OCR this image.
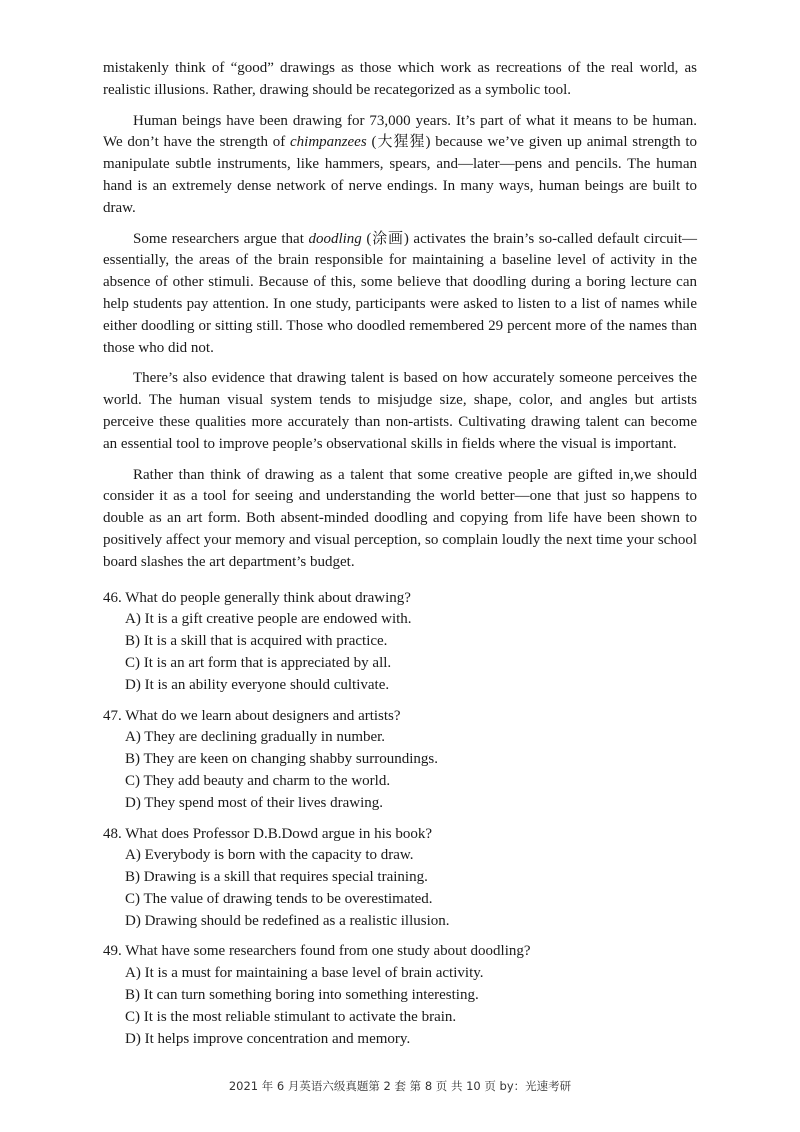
mistakenly think of “good” drawings as those which work as recreations of the real world, as realistic illusions. Rather, drawing should be recategorized as a symbolic tool.

Human beings have been drawing for 73,000 years. It’s part of what it means to be human. We don’t have the strength of chimpanzees (大猩猩) because we’ve given up animal strength to manipulate subtle instruments, like hammers, spears, and—later—pens and pencils. The human hand is an extremely dense network of nerve endings. In many ways, human beings are built to draw.

Some researchers argue that doodling (涂画) activates the brain’s so-called default circuit—essentially, the areas of the brain responsible for maintaining a baseline level of activity in the absence of other stimuli. Because of this, some believe that doodling during a boring lecture can help students pay attention. In one study, participants were asked to listen to a list of names while either doodling or sitting still. Those who doodled remembered 29 percent more of the names than those who did not.

There’s also evidence that drawing talent is based on how accurately someone perceives the world. The human visual system tends to misjudge size, shape, color, and angles but artists perceive these qualities more accurately than non-artists. Cultivating drawing talent can become an essential tool to improve people’s observational skills in fields where the visual is important.

Rather than think of drawing as a talent that some creative people are gifted in,we should consider it as a tool for seeing and understanding the world better—one that just so happens to double as an art form. Both absent-minded doodling and copying from life have been shown to positively affect your memory and visual perception, so complain loudly the next time your school board slashes the art department’s budget.

46. What do people generally think about drawing?

A) It is a gift creative people are endowed with.
B) It is a skill that is acquired with practice.
C) It is an art form that is appreciated by all.
D) It is an ability everyone should cultivate.

47. What do we learn about designers and artists?

A) They are declining gradually in number.
B) They are keen on changing shabby surroundings.
C) They add beauty and charm to the world.
D) They spend most of their lives drawing.

48. What does Professor D.B.Dowd argue in his book?

A) Everybody is born with the capacity to draw.
B) Drawing is a skill that requires special training.
C) The value of drawing tends to be overestimated.
D) Drawing should be redefined as a realistic illusion.

49. What have some researchers found from one study about doodling?

A) It is a must for maintaining a base level of brain activity.
B) It can turn something boring into something interesting.
C) It is the most reliable stimulant to activate the brain.
D) It helps improve concentration and memory.
2021 年 6 月英语六级真题第 2 套 第 8 页 共 10 页 by：光速考研
